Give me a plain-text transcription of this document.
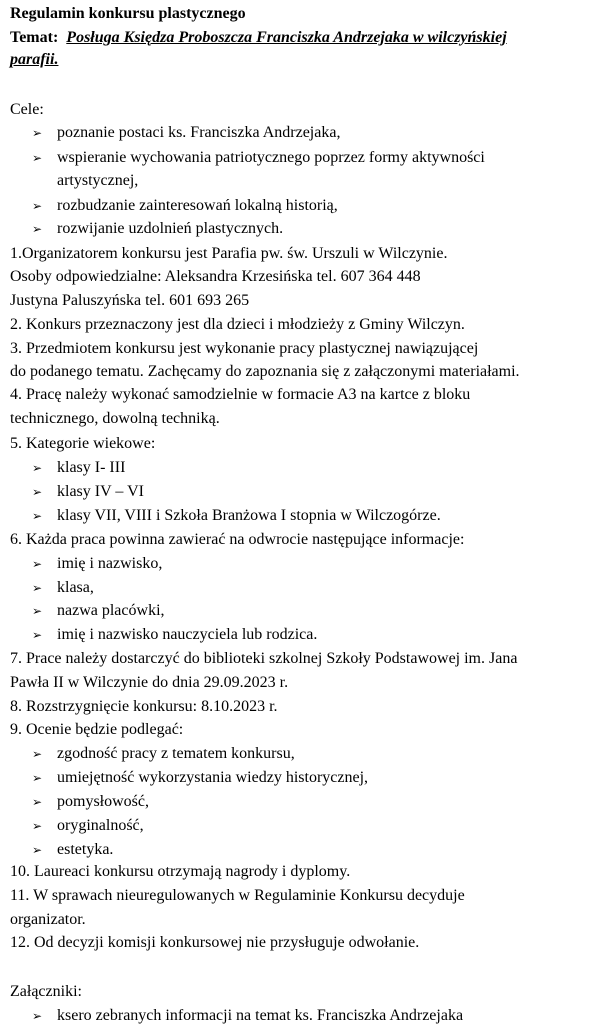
Regulamin konkursu plastycznego
Temat: Posługa Księdza Proboszcza Franciszka Andrzejaka w wilczyńskiej
parafii.
Cele:
➢ poznanie postaci ks. Franciszka Andrzejaka,
➢ wspieranie wychowania patriotycznego poprzez formy aktywności
artystycznej,
➢ rozbudzanie zainteresowań lokalną historią,
➢ rozwijanie uzdolnień plastycznych.
1.Organizatorem konkursu jest Parafia pw. św. Urszuli w Wilczynie.
Osoby odpowiedzialne: Aleksandra Krzesińska tel. 607 364 448
Justyna Paluszyńska tel. 601 693 265
2. Konkurs przeznaczony jest dla dzieci i młodzieży z Gminy Wilczyn.
3. Przedmiotem konkursu jest wykonanie pracy plastycznej nawiązującej
do podanego tematu. Zachęcamy do zapoznania się z załączonymi materiałami.
4. Pracę należy wykonać samodzielnie w formacie A3 na kartce z bloku
technicznego, dowolną techniką.
5. Kategorie wiekowe:
➢ klasy I- III
➢ klasy IV – VI
➢ klasy VII, VIII i Szkoła Branżowa I stopnia w Wilczogórze.
6. Każda praca powinna zawierać na odwrocie następujące informacje:
➢ imię i nazwisko,
➢ klasa,
➢ nazwa placówki,
➢ imię i nazwisko nauczyciela lub rodzica.
7. Prace należy dostarczyć do biblioteki szkolnej Szkoły Podstawowej im. Jana
Pawła II w Wilczynie do dnia 29.09.2023 r.
8. Rozstrzygnięcie konkursu: 8.10.2023 r.
9. Ocenie będzie podlegać:
➢ zgodność pracy z tematem konkursu,
➢ umiejętność wykorzystania wiedzy historycznej,
➢ pomysłowość,
➢ oryginalność,
➢ estetyka.
10. Laureaci konkursu otrzymają nagrody i dyplomy.
11. W sprawach nieuregulowanych w Regulaminie Konkursu decyduje
organizator.
12. Od decyzji komisji konkursowej nie przysługuje odwołanie.
Załączniki:
➢ ksero zebranych informacji na temat ks. Franciszka Andrzejaka
